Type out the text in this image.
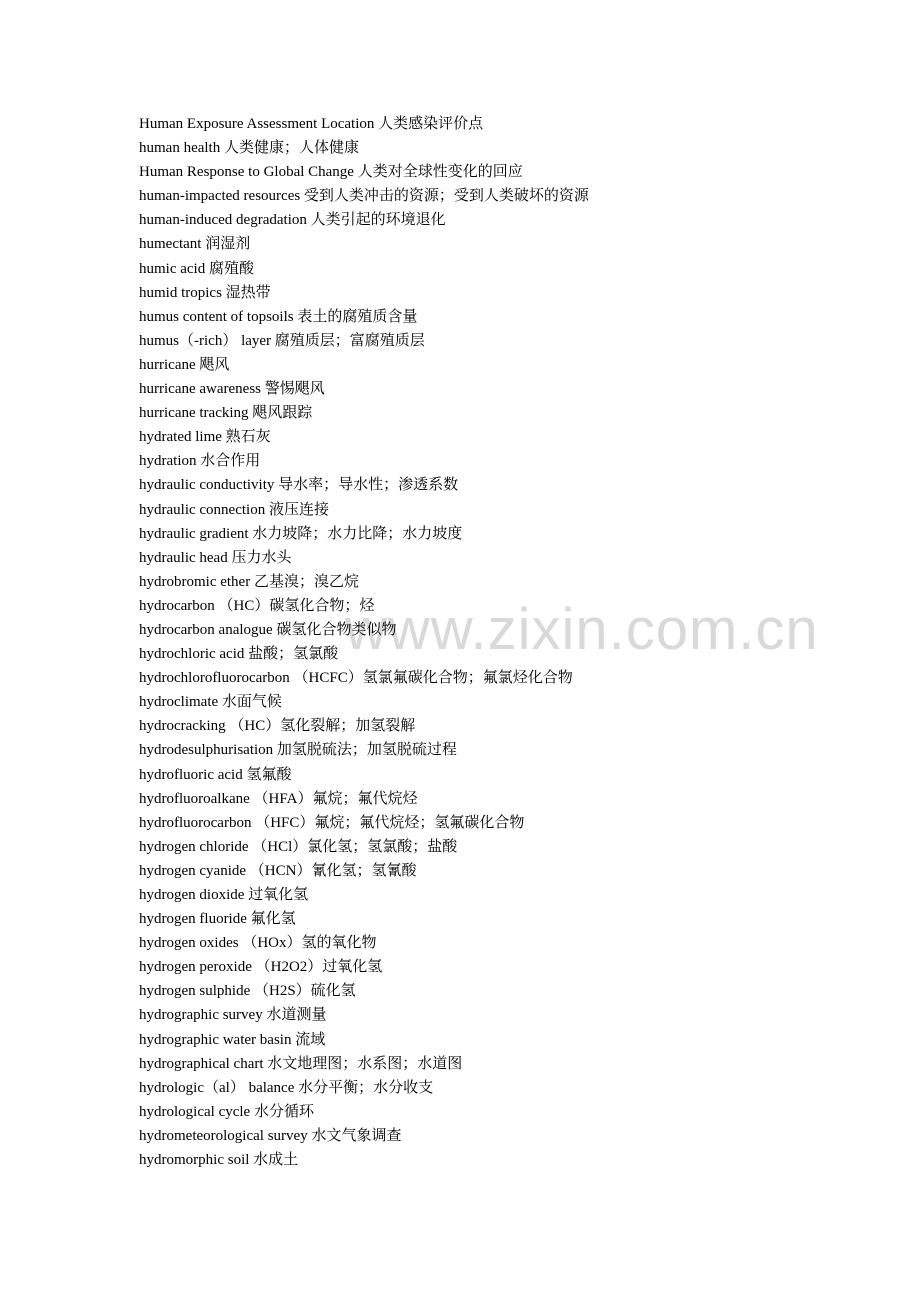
www.zixin.com.cn
Human Exposure Assessment Location 人类感染评价点
human health 人类健康；人体健康
Human Response to Global Change 人类对全球性变化的回应
human-impacted resources 受到人类冲击的资源；受到人类破坏的资源
human-induced degradation 人类引起的环境退化
humectant 润湿剂
humic acid 腐殖酸
humid tropics 湿热带
humus content of topsoils 表土的腐殖质含量
humus（-rich） layer 腐殖质层；富腐殖质层
hurricane 飓风
hurricane awareness 警惕飓风
hurricane tracking 飓风跟踪
hydrated lime 熟石灰
hydration 水合作用
hydraulic conductivity 导水率；导水性；渗透系数
hydraulic connection 液压连接
hydraulic gradient 水力坡降；水力比降；水力坡度
hydraulic head 压力水头
hydrobromic ether 乙基溴；溴乙烷
hydrocarbon （HC）碳氢化合物；烃
hydrocarbon analogue 碳氢化合物类似物
hydrochloric acid 盐酸；氢氯酸
hydrochlorofluorocarbon （HCFC）氢氯氟碳化合物；氟氯烃化合物
hydroclimate 水面气候
hydrocracking （HC）氢化裂解；加氢裂解
hydrodesulphurisation 加氢脱硫法；加氢脱硫过程
hydrofluoric acid 氢氟酸
hydrofluoroalkane （HFA）氟烷；氟代烷烃
hydrofluorocarbon （HFC）氟烷；氟代烷烃；氢氟碳化合物
hydrogen chloride （HCl）氯化氢；氢氯酸；盐酸
hydrogen cyanide （HCN）氰化氢；氢氰酸
hydrogen dioxide 过氧化氢
hydrogen fluoride 氟化氢
hydrogen oxides （HOx）氢的氧化物
hydrogen peroxide （H2O2）过氧化氢
hydrogen sulphide （H2S）硫化氢
hydrographic survey 水道测量
hydrographic water basin 流域
hydrographical chart 水文地理图；水系图；水道图
hydrologic（al） balance 水分平衡；水分收支
hydrological cycle 水分循环
hydrometeorological survey 水文气象调查
hydromorphic soil 水成土
